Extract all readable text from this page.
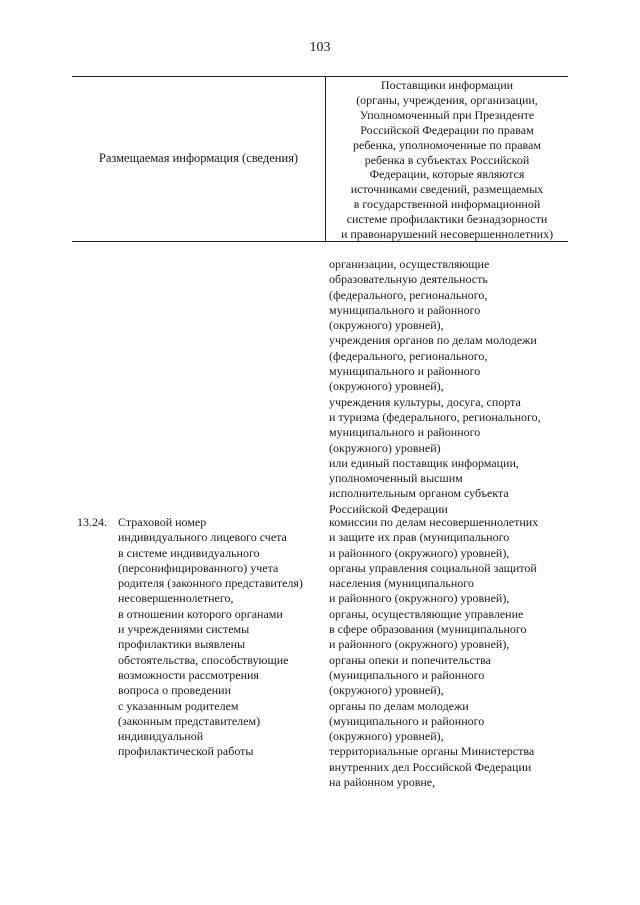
103
Размещаемая информация (сведения)
Поставщики информации
(органы, учреждения, организации,
Уполномоченный при Президенте
Российской Федерации по правам
ребенка, уполномоченные по правам
ребенка в субъектах Российской
Федерации, которые являются
источниками сведений, размещаемых
в государственной информационной
системе профилактики безнадзорности
и правонарушений несовершеннолетних)
организации, осуществляющие
образовательную деятельность
(федерального, регионального,
муниципального и районного
(окружного) уровней),
учреждения органов по делам молодежи
(федерального, регионального,
муниципального и районного
(окружного) уровней),
учреждения культуры, досуга, спорта
и туризма (федерального, регионального,
муниципального и районного
(окружного) уровней)
или единый поставщик информации,
уполномоченный высшим
исполнительным органом субъекта
Российской Федерации
13.24. Страховой номер
индивидуального лицевого счета
в системе индивидуального
(персонифицированного) учета
родителя (законного представителя)
несовершеннолетнего,
в отношении которого органами
и учреждениями системы
профилактики выявлены
обстоятельства, способствующие
возможности рассмотрения
вопроса о проведении
с указанным родителем
(законным представителем)
индивидуальной
профилактической работы
комиссии по делам несовершеннолетних
и защите их прав (муниципального
и районного (окружного) уровней),
органы управления социальной защитой
населения (муниципального
и районного (окружного) уровней),
органы, осуществляющие управление
в сфере образования (муниципального
и районного (окружного) уровней),
органы опеки и попечительства
(муниципального и районного
(окружного) уровней),
органы по делам молодежи
(муниципального и районного
(окружного) уровней),
территориальные органы Министерства
внутренних дел Российской Федерации
на районном уровне,
